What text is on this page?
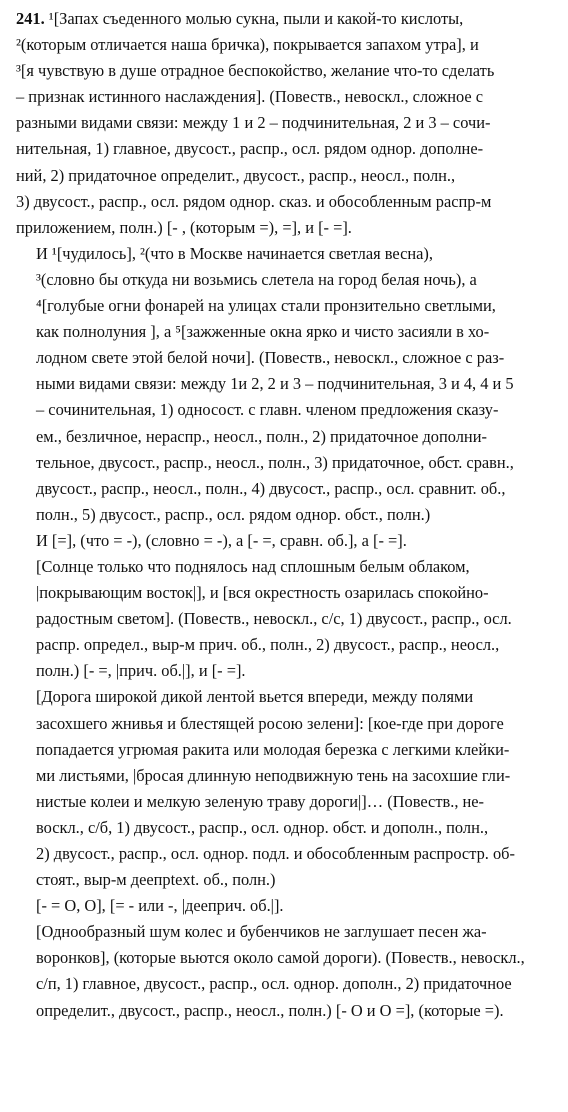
241. ¹[Запах съеденного молью сукна, пыли и какой-то кислоты,
²(которым отличается наша бричка), покрывается запахом утра], и
³[я чувствую в душе отрадное беспокойство, желание что-то сделать
– признак истинного наслаждения]. (Повеств., невоскл., сложное с
разными видами связи: между 1 и 2 – подчинительная, 2 и 3 – сочи-
нительная, 1) главное, двусост., распр., осл. рядом однор. дополне-
ний, 2) придаточное определит., двусост., распр., неосл., полн.,
3) двусост., распр., осл. рядом однор. сказ. и обособленным распр-м
приложением, полн.) [- , (которым =), =], и [- =].

И ¹[чудилось], ²(что в Москве начинается светлая весна),
³(словно бы откуда ни возьмись слетела на город белая ночь), а
⁴[голубые огни фонарей на улицах стали пронзительно светлыми,
как полнолуния ], а ⁵[зажженные окна ярко и чисто засияли в хо-
лодном свете этой белой ночи]. (Повеств., невоскл., сложное с раз-
ными видами связи: между 1и 2, 2 и 3 – подчинительная, 3 и 4, 4 и 5
– сочинительная, 1) односост. с главн. членом предложения сказу-
ем., безличное, нераспр., неосл., полн., 2) придаточное дополни-
тельное, двусост., распр., неосл., полн., 3) придаточное, обст. сравн.,
двусост., распр., неосл., полн., 4) двусост., распр., осл. сравнит. об.,
полн., 5) двусост., распр., осл. рядом однор. обст., полн.)

И [=], (что = -), (словно = -), а [- =, сравн. об.], а [- =].

[Солнце только что поднялось над сплошным белым облаком,
|покрывающим восток|], и [вся окрестность озарилась спокойно-
радостным светом]. (Повеств., невоскл., с/с, 1) двусост., распр., осл.
распр. определ., выр-м прич. об., полн., 2) двусост., распр., неосл.,
полн.) [- =, |прич. об.|], и [- =].

[Дорога широкой дикой лентой вьется впереди, между полями
засохшего жнивья и блестящей росою зелени]: [кое-где при дороге
попадается угрюмая ракита или молодая березка с легкими клейки-
ми листьями, |бросая длинную неподвижную тень на засохшие гли-
нистые колеи и мелкую зеленую траву дороги|]… (Повеств., не-
воскл., с/б, 1) двусост., распр., осл. однор. обст. и дополн., полн.,
2) двусост., распр., осл. однор. подл. и обособленным распростр. об-
стоят., выр-м деепрtext. об., полн.)

[- = О, О], [= - или -, |дееприч. об.|].

[Однообразный шум колес и бубенчиков не заглушает песен жа-
воронков], (которые вьются около самой дороги). (Повеств., невоскл.,
с/п, 1) главное, двусост., распр., осл. однор. дополн., 2) придаточное
определит., двусост., распр., неосл., полн.) [- О и О =], (которые =).
